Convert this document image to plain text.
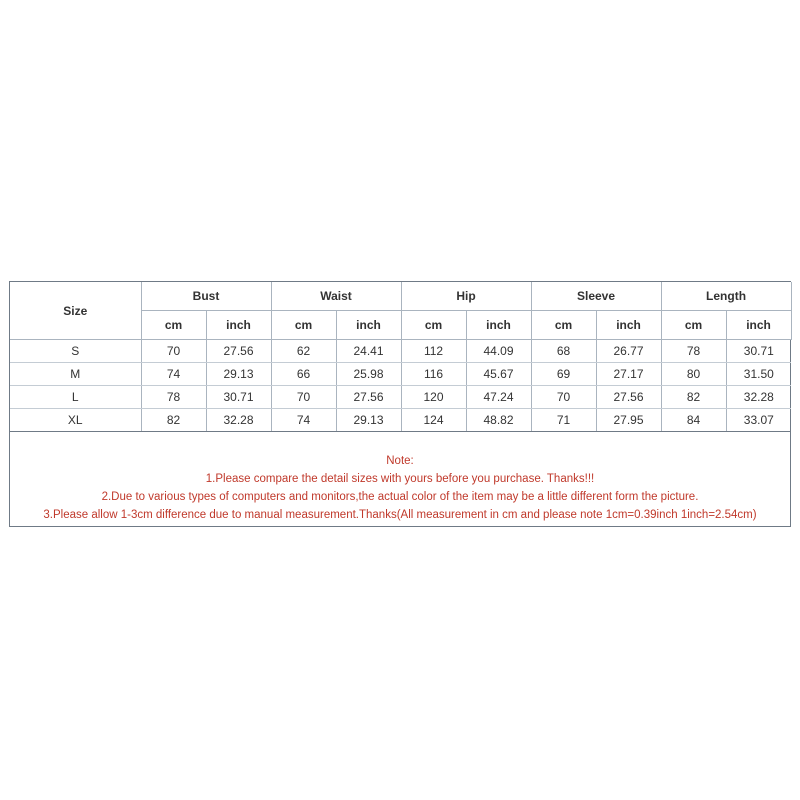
Size	Bust		Waist		Hip		Sleeve		Length	
	cm	inch	cm	inch	cm	inch	cm	inch	cm	inch
S	70	27.56	62	24.41	112	44.09	68	26.77	78	30.71
M	74	29.13	66	25.98	116	45.67	69	27.17	80	31.50
L	78	30.71	70	27.56	120	47.24	70	27.56	82	32.28
XL	82	32.28	74	29.13	124	48.82	71	27.95	84	33.07
Note:
1.Please compare the detail sizes with yours before you purchase. Thanks!!!
2.Due to various types of computers and monitors,the actual color of the item may be a little different form the picture.
3.Please allow 1-3cm difference due to manual measurement.Thanks(All measurement in cm and please note 1cm=0.39inch 1inch=2.54cm)
